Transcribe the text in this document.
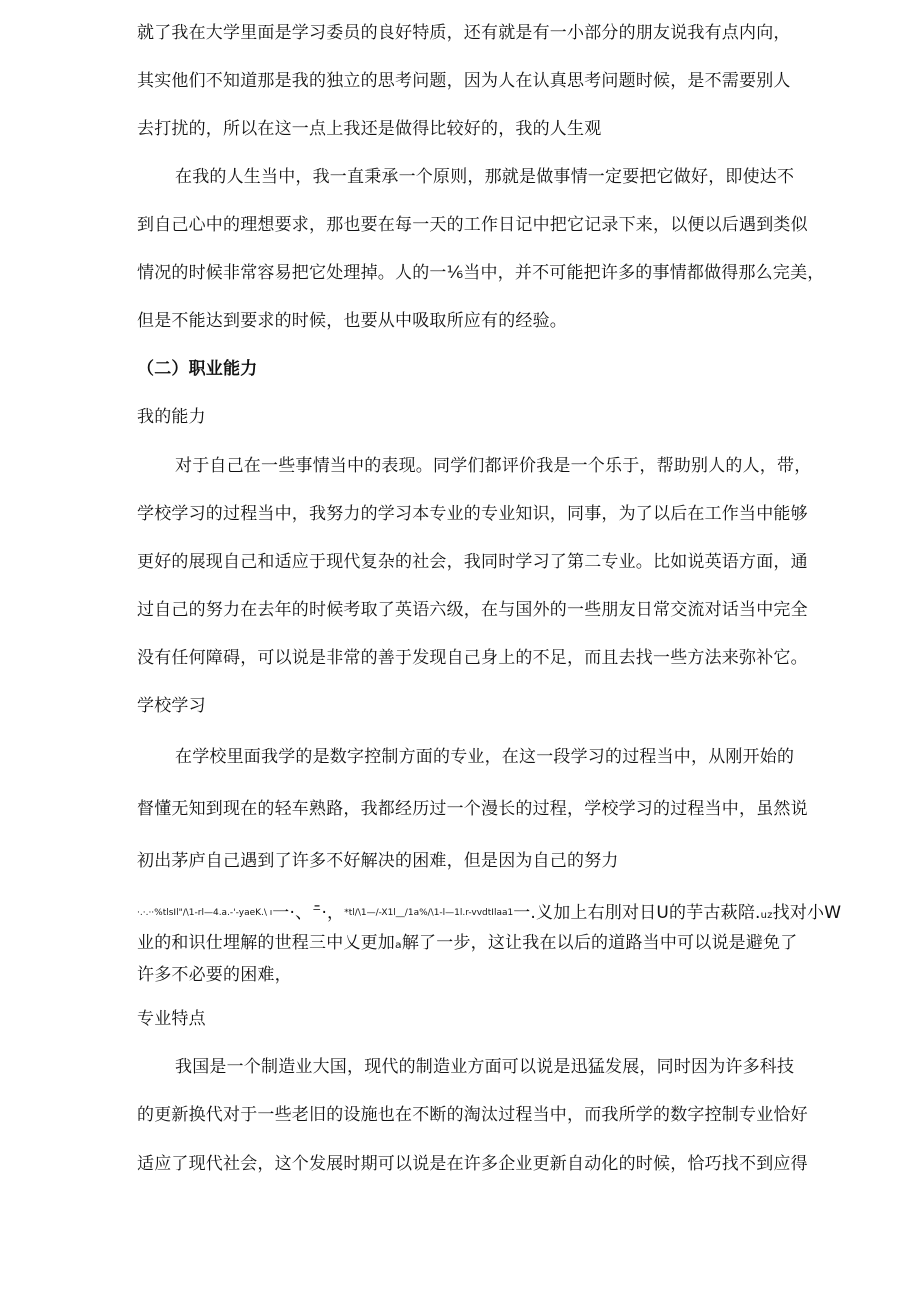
就了我在大学里面是学习委员的良好特质，还有就是有一小部分的朋友说我有点内向，
其实他们不知道那是我的独立的思考问题，因为人在认真思考问题时候，是不需要别人
去打扰的，所以在这一点上我还是做得比较好的，我的人生观
在我的人生当中，我一直秉承一个原则，那就是做事情一定要把它做好，即使达不
到自己心中的理想要求，那也要在每一天的工作日记中把它记录下来，以便以后遇到类似
情况的时候非常容易把它处理掉。人的一⅙当中，并不可能把许多的事情都做得那么完美，
但是不能达到要求的时候，也要从中吸取所应有的经验。
（二）职业能力
我的能力
对于自己在一些事情当中的表现。同学们都评价我是一个乐于，帮助别人的人，带，
学校学习的过程当中，我努力的学习本专业的专业知识，同事，为了以后在工作当中能够
更好的展现自己和适应于现代复杂的社会，我同时学习了第二专业。比如说英语方面，通
过自己的努力在去年的时候考取了英语六级，在与国外的一些朋友日常交流对话当中完全
没有任何障碍，可以说是非常的善于发现自己身上的不足，而且去找一些方法来弥补它。
学校学习
在学校里面我学的是数字控制方面的专业，在这一段学习的过程当中，从刚开始的
督懂无知到现在的轻车熟路，我都经历过一个漫长的过程，学校学习的过程当中，虽然说
初出茅庐自己遇到了许多不好解决的困难，但是因为自己的努力
·.·.··%tlsIl"/\1-rl—4.a.-'-yaeK.\ ı一·、⁻̄·，*tl/\1—/-X1l__/1a%/\1-l—1l.r-vvdtIlaa1一.义加上右刖对日U的芋古萩陪.uz找对小W
业的和识仕埋解的世程三中乂更加ₐ解了一步，这让我在以后的道路当中可以说是避免了
许多不必要的困难，
专业特点
我国是一个制造业大国，现代的制造业方面可以说是迅猛发展，同时因为许多科技
的更新换代对于一些老旧的设施也在不断的淘汰过程当中，而我所学的数字控制专业恰好
适应了现代社会，这个发展时期可以说是在许多企业更新自动化的时候，恰巧找不到应得
